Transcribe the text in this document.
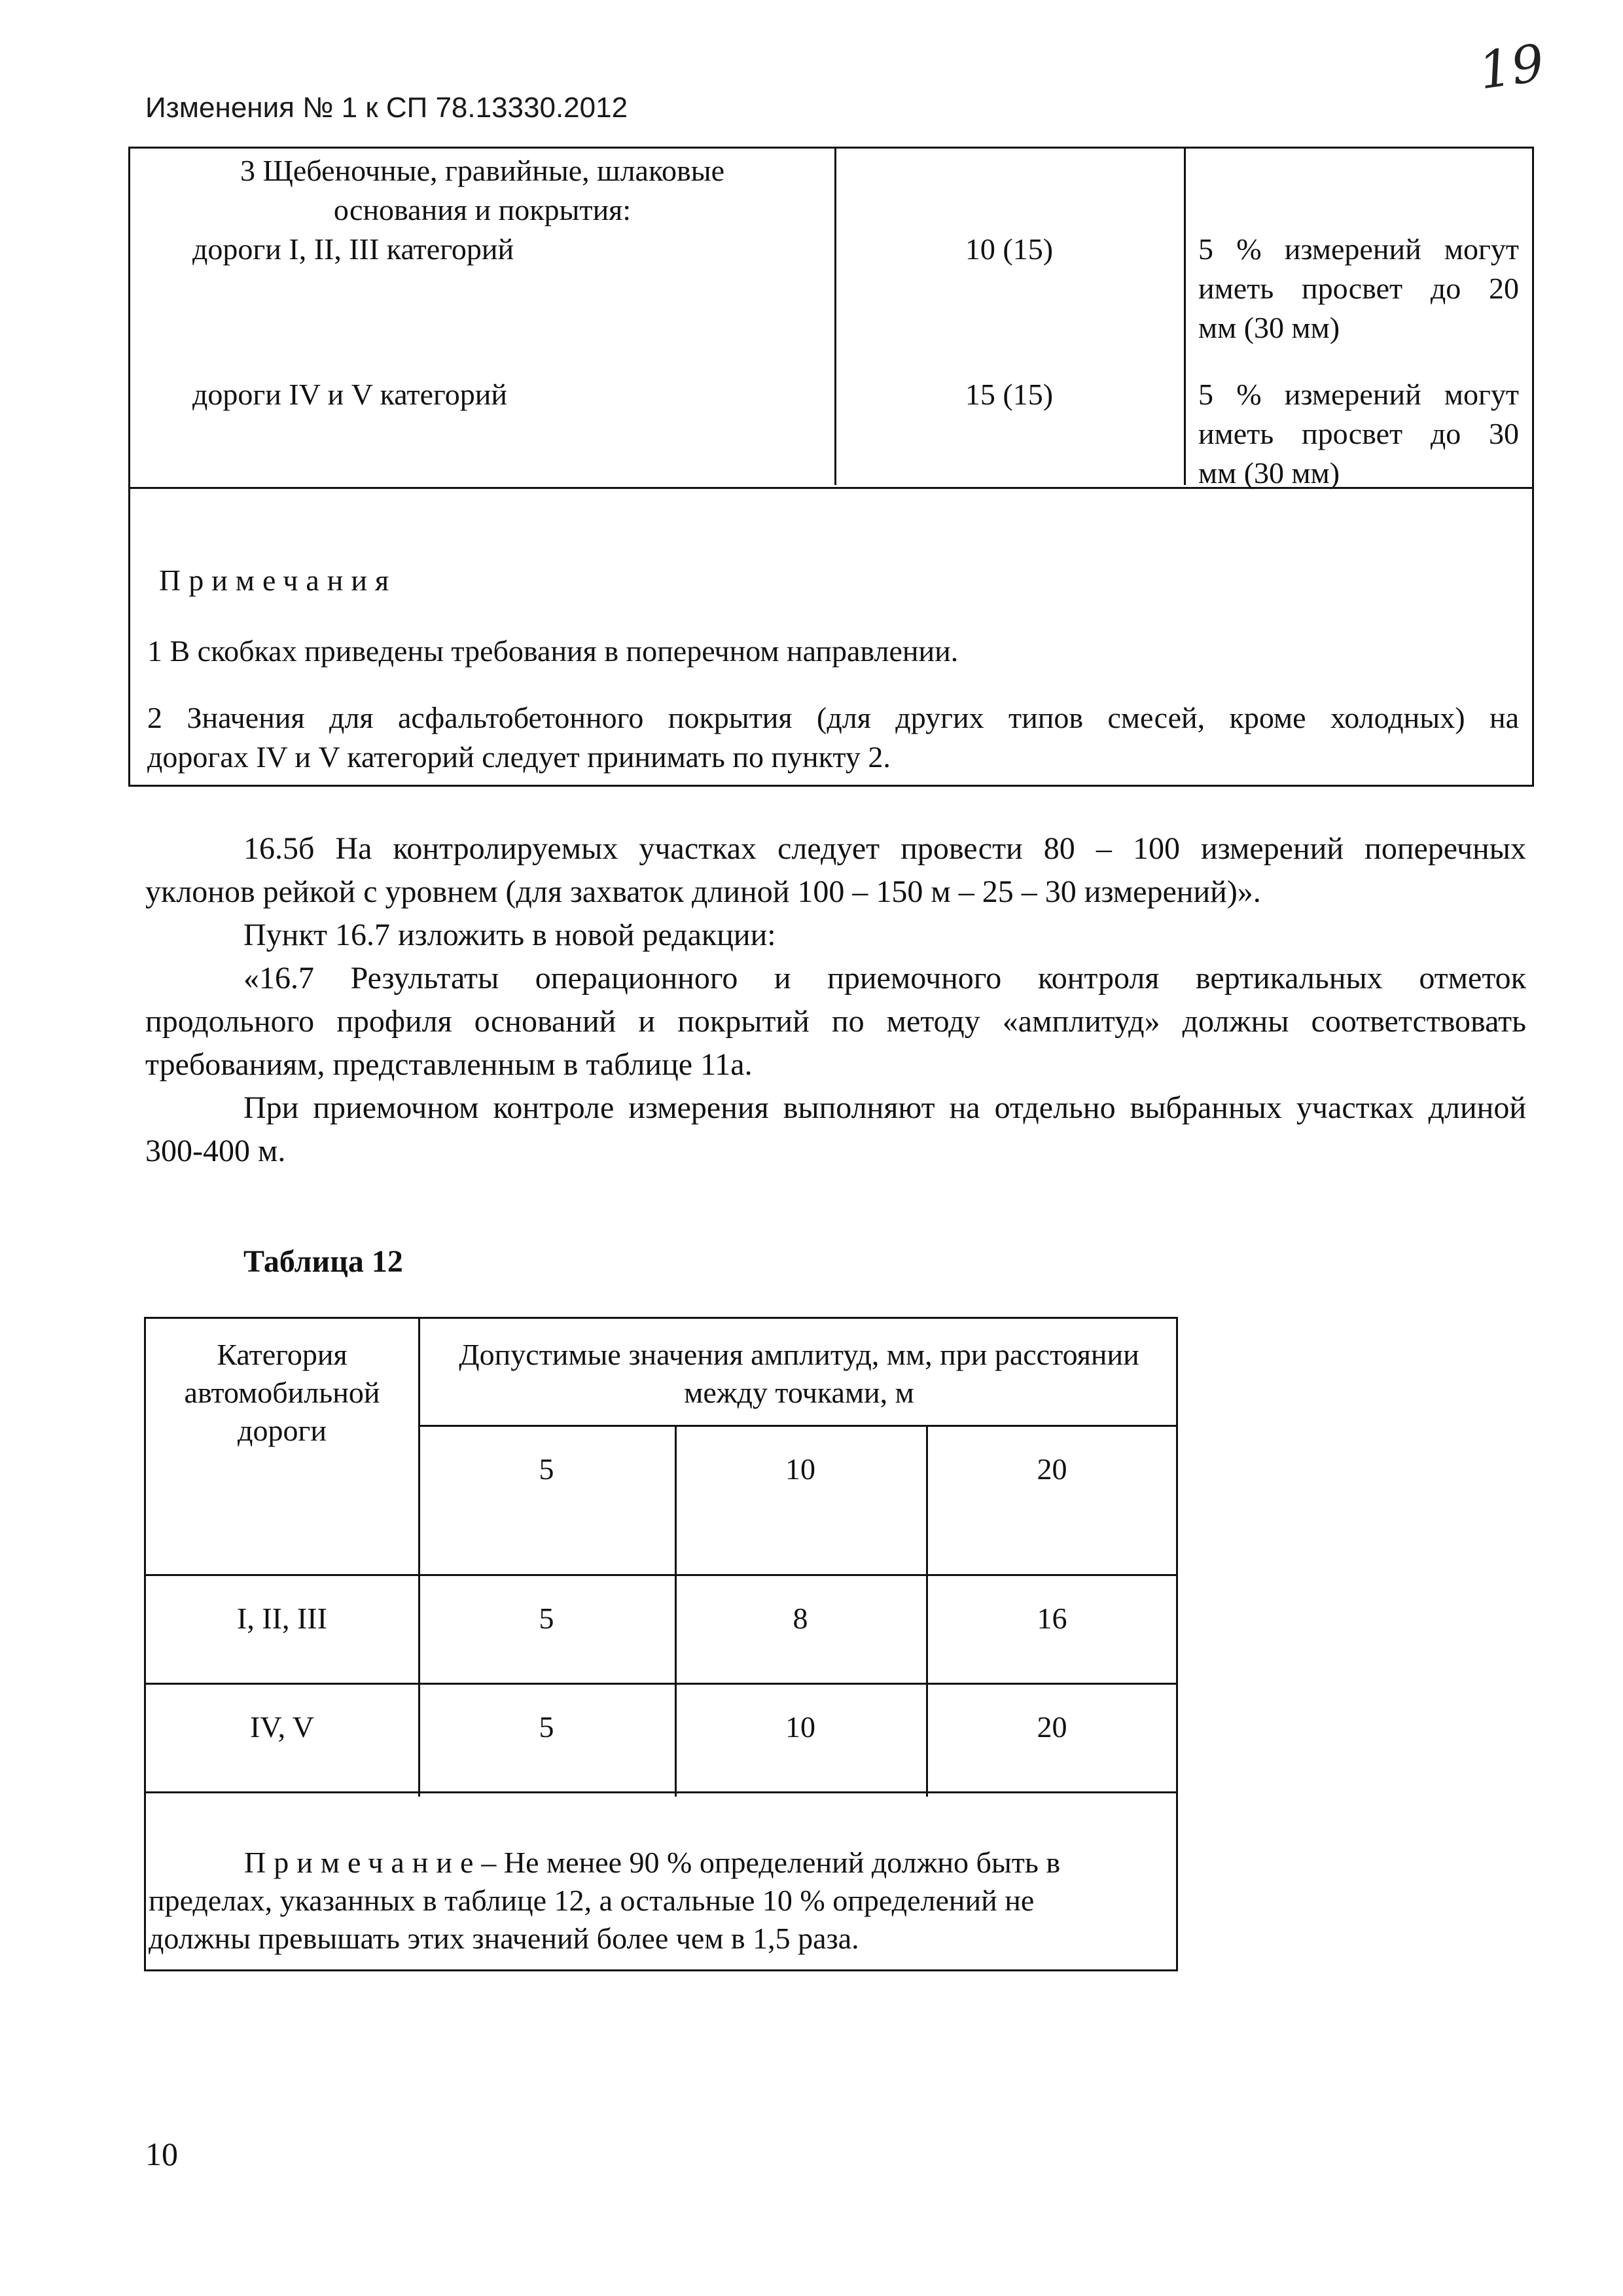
19
Изменения № 1 к СП 78.13330.2012
3 Щебеночные, гравийные, шлаковые
основания и покрытия:
дороги I, II, III категорий	10 (15)	5 % измерений могут
иметь просвет до 20
мм (30 мм)
дороги IV и V категорий	15 (15)	5 % измерений могут
иметь просвет до 30
мм (30 мм)
Примечания
1 В скобках приведены требования в поперечном направлении.
2 Значения для асфальтобетонного покрытия (для других типов смесей, кроме холодных) на
дорогах IV и V категорий следует принимать по пункту 2.
16.5б На контролируемых участках следует провести 80 – 100 измерений поперечных
уклонов рейкой с уровнем (для захваток длиной 100 – 150 м – 25 – 30 измерений)».
Пункт 16.7 изложить в новой редакции:
«16.7 Результаты операционного и приемочного контроля вертикальных отметок
продольного профиля оснований и покрытий по методу «амплитуд» должны соответствовать
требованиям, представленным в таблице 11а.
При приемочном контроле измерения выполняют на отдельно выбранных участках длиной
300-400 м.
Таблица 12
Категория
автомобильной
дороги
Допустимые значения амплитуд, мм, при расстоянии
между точками, м
5	10	20
I, II, III	5	8	16
IV, V	5	10	20
Примечание– Не менее 90 % определений должно быть в
пределах, указанных в таблице 12, а остальные 10 % определений не
должны превышать этих значений более чем в 1,5 раза.
10
